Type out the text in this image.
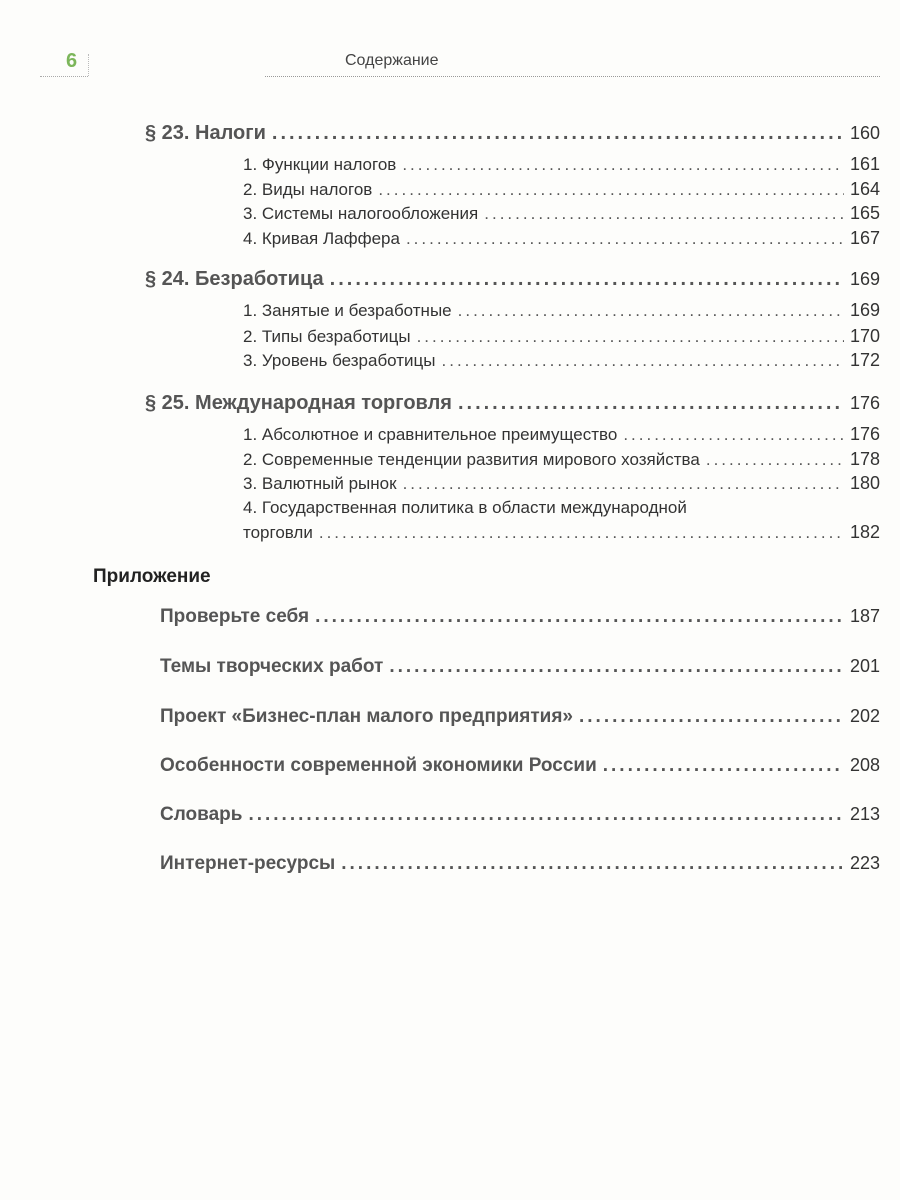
6	Содержание
§ 23. Налоги .....	160
1. Функции налогов .....	161
2. Виды налогов .....	164
3. Системы налогообложения .....	165
4. Кривая Лаффера .....	167
§ 24. Безработица .....	169
1. Занятые и безработные .....	169
2. Типы безработицы .....	170
3. Уровень безработицы .....	172
§ 25. Международная торговля .....	176
1. Абсолютное и сравнительное преимущество .....	176
2. Современные тенденции развития мирового хозяйства .....	178
3. Валютный рынок .....	180
4. Государственная политика в области международной
торговли .....	182
Приложение
Проверьте себя .....	187
Темы творческих работ .....	201
Проект «Бизнес-план малого предприятия» .....	202
Особенности современной экономики России .....	208
Словарь .....	213
Интернет-ресурсы .....	223
